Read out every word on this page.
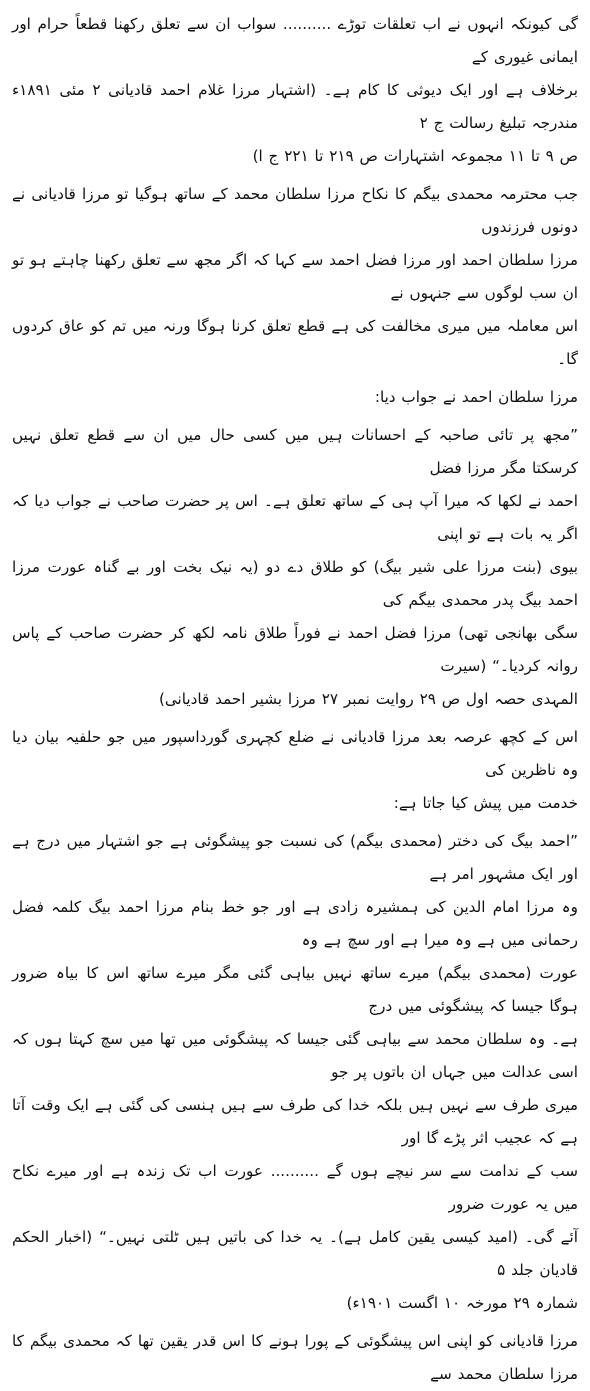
گی کیونکہ انہوں نے اب تعلقات توڑے .......... سواب ان سے تعلق رکھنا قطعاً حرام اور ایمانی غیوری کے
برخلاف ہے اور ایک دیوثی کا کام ہے۔ (اشتہار مرزا غلام احمد قادیانی ۲ مئی ۱۸۹۱ء مندرجہ تبلیغ رسالت ج ۲
ص ۹ تا ۱۱ مجموعہ اشتہارات ص ۲۱۹ تا ۲۲۱ ج ا)

جب محترمہ محمدی بیگم کا نکاح مرزا سلطان محمد کے ساتھ ہوگیا تو مرزا قادیانی نے دونوں فرزندوں
مرزا سلطان احمد اور مرزا فضل احمد سے کہا کہ اگر مجھ سے تعلق رکھنا چاہتے ہو تو ان سب لوگوں سے جنہوں نے
اس معاملہ میں میری مخالفت کی ہے قطع تعلق کرنا ہوگا ورنہ میں تم کو عاق کردوں گا۔

مرزا سلطان احمد نے جواب دیا:

”مجھ پر تائی صاحبہ کے احسانات ہیں میں کسی حال میں ان سے قطع تعلق نہیں کرسکتا مگر مرزا فضل
احمد نے لکھا کہ میرا آپ ہی کے ساتھ تعلق ہے۔ اس پر حضرت صاحب نے جواب دیا کہ اگر یہ بات ہے تو اپنی
بیوی (بنت مرزا علی شیر بیگ) کو طلاق دے دو (یہ نیک بخت اور بے گناہ عورت مرزا احمد بیگ پدر محمدی بیگم کی
سگی بھانجی تھی) مرزا فضل احمد نے فوراً طلاق نامہ لکھ کر حضرت صاحب کے پاس روانہ کردیا۔“ (سیرت
المہدی حصہ اول ص ۲۹ روایت نمبر ۲۷ مرزا بشیر احمد قادیانی)

اس کے کچھ عرصہ بعد مرزا قادیانی نے ضلع کچہری گورداسپور میں جو حلفیہ بیان دیا وہ ناظرین کی
خدمت میں پیش کیا جاتا ہے:

”احمد بیگ کی دختر (محمدی بیگم) کی نسبت جو پیشگوئی ہے جو اشتہار میں درج ہے اور ایک مشہور امر ہے
وہ مرزا امام الدین کی ہمشیرہ زادی ہے اور جو خط بنام مرزا احمد بیگ کلمہ فضل رحمانی میں ہے وہ میرا ہے اور سچ ہے وہ
عورت (محمدی بیگم) میرے ساتھ نہیں بیاہی گئی مگر میرے ساتھ اس کا بیاہ ضرور ہوگا جیسا کہ پیشگوئی میں درج
ہے۔ وہ سلطان محمد سے بیاہی گئی جیسا کہ پیشگوئی میں تھا میں سچ کہتا ہوں کہ اسی عدالت میں جہاں ان باتوں پر جو
میری طرف سے نہیں ہیں بلکہ خدا کی طرف سے ہیں ہنسی کی گئی ہے ایک وقت آتا ہے کہ عجیب اثر پڑے گا اور
سب کے ندامت سے سر نیچے ہوں گے .......... عورت اب تک زندہ ہے اور میرے نکاح میں یہ عورت ضرور
آئے گی۔ (امید کیسی یقین کامل ہے)۔ یہ خدا کی باتیں ہیں ٹلتی نہیں۔“ (اخبار الحکم قادیان جلد ۵
شمارہ ۲۹ مورخہ ۱۰ اگست ۱۹۰۱ء)

مرزا قادیانی کو اپنی اس پیشگوئی کے پورا ہونے کا اس قدر یقین تھا کہ محمدی بیگم کا مرزا سلطان محمد سے
